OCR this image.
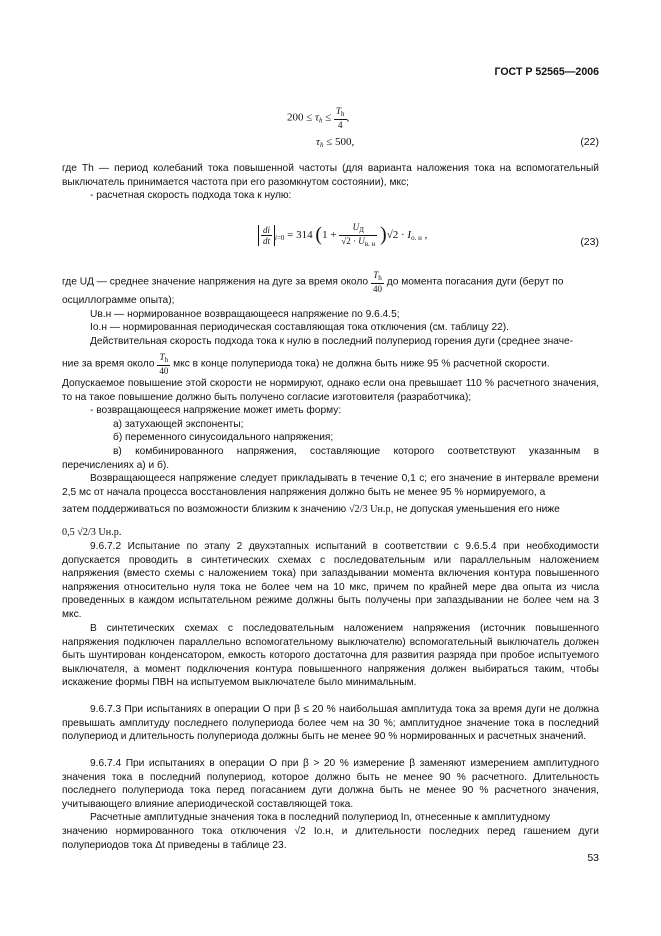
ГОСТ Р 52565—2006
$200 \le \tau_h \le \frac{T_h}{4}$ ,
$\tau_h \le 500$,	(22)
где Th — период колебаний тока повышенной частоты (для варианта наложения тока на вспомогательный выключатель принимается частота при его разомкнутом состоянии), мкс;
- расчетная скорость подхода тока к нулю:
$\frac{di}{dt} _{i=0} = 314$ $(1 + \frac{U_Д}{√2 \cdot U_{в. н}} )√2 \cdot I_{о. н}$ ,
(23)
где UД — среднее значение напряжения на дуге за время около $\frac{T_h}{40}$ до момента погасания дуги (берут по
осциллограмме опыта);
Uв.н — нормированное возвращающееся напряжение по 9.6.4.5;
Iо.н — нормированная периодическая составляющая тока отключения (см. таблицу 22).
Действительная скорость подхода тока к нулю в последний полупериод горения дуги (среднее значе-
ние за время около $\frac{T_h}{40}$ мкс в конце полупериода тока) не должна быть ниже 95 % расчетной скорости.
Допускаемое повышение этой скорости не нормируют, однако если она превышает 110 % расчетного значения, то на такое повышение должно быть получено согласие изготовителя (разработчика);
- возвращающееся напряжение может иметь форму:
а) затухающей экспоненты;
б) переменного синусоидального напряжения;
в) комбинированного напряжения, составляющие которого соответствуют указанным в перечислениях а) и б).
Возвращающееся напряжение следует прикладывать в течение 0,1 с; его значение в интервале времени 2,5 мс от начала процесса восстановления напряжения должно быть не менее 95 % нормируемого, а
затем поддерживаться по возможности близким к значению √2/3 Uн.р, не допуская уменьшения его ниже
0,5 √2/3 Uн.р.
9.6.7.2 Испытание по этапу 2 двухэтапных испытаний в соответствии с 9.6.5.4 при необходимости допускается проводить в синтетических схемах с последовательным или параллельным наложением напряжения (вместо схемы с наложением тока) при запаздывании момента включения контура повышенного напряжения относительно нуля тока не более чем на 10 мкс, причем по крайней мере два опыта из числа проведенных в каждом испытательном режиме должны быть получены при запаздывании не более чем на 3 мкс.
В синтетических схемах с последовательным наложением напряжения (источник повышенного напряжения подключен параллельно вспомогательному выключателю) вспомогательный выключатель должен быть шунтирован конденсатором, емкость которого достаточна для развития разряда при пробое испытуемого выключателя, а момент подключения контура повышенного напряжения должен выбираться таким, чтобы искажение формы ПВН на испытуемом выключателе было минимальным.
9.6.7.3 При испытаниях в операции О при β ≤ 20 % наибольшая амплитуда тока за время дуги не должна превышать амплитуду последнего полупериода более чем на 30 %; амплитудное значение тока в последний полупериод и длительность полупериода должны быть не менее 90 % нормированных и расчетных значений.
9.6.7.4 При испытаниях в операции О при β > 20 % измерение β заменяют измерением амплитудного значения тока в последний полупериод, которое должно быть не менее 90 % расчетного. Длительность последнего полупериода тока перед погасанием дуги должна быть не менее 90 % расчетного значения, учитывающего влияние апериодической составляющей тока.
Расчетные амплитудные значения тока в последний полупериод In, отнесенные к амплитудному
значению нормированного тока отключения √2 Iо.н, и длительности последних перед гашением дуги полупериодов тока Δt приведены в таблице 23.
53
